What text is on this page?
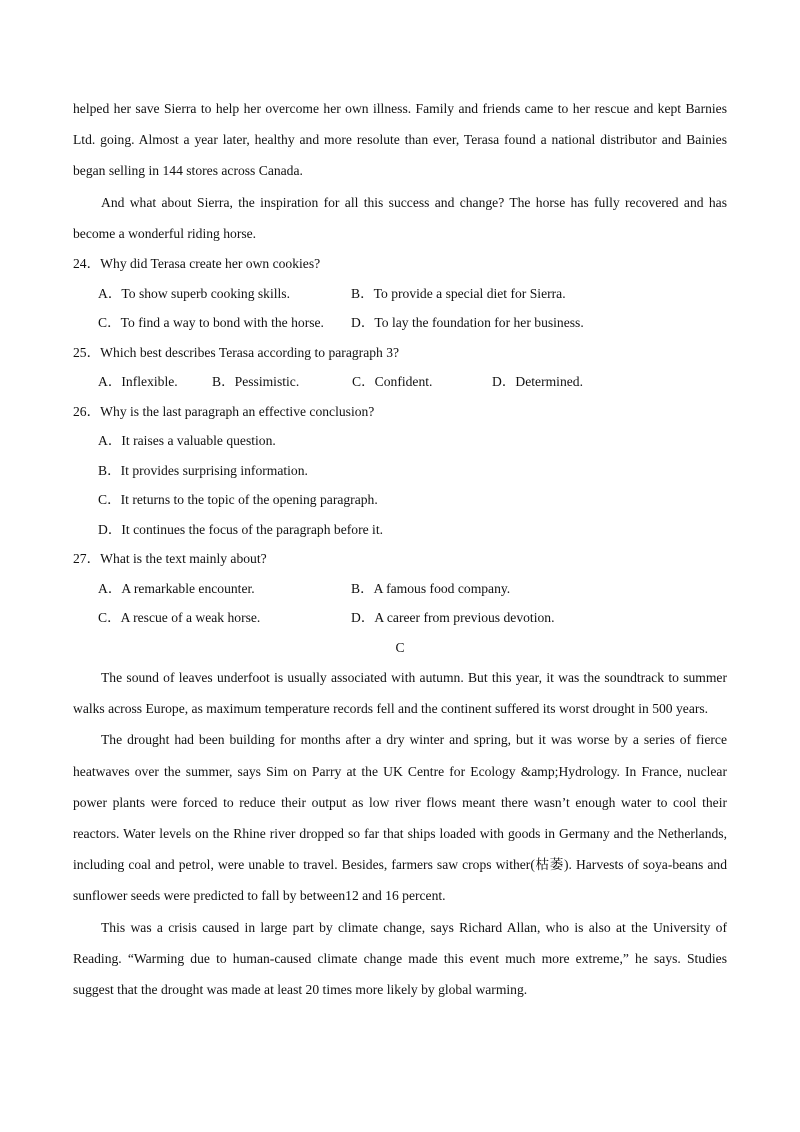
helped her save Sierra to help her overcome her own illness. Family and friends came to her rescue and kept Barnies Ltd. going. Almost a year later, healthy and more resolute than ever, Terasa found a national distributor and Bainies began selling in 144 stores across Canada.

And what about Sierra, the inspiration for all this success and change? The horse has fully recovered and has become a wonderful riding horse.

24．Why did Terasa create her own cookies?

A．To show superb cooking skills.	B．To provide a special diet for Sierra.
C．To find a way to bond with the horse.	D．To lay the foundation for her business.

25．Which best describes Terasa according to paragraph 3?

A．Inflexible.	B．Pessimistic.	C．Confident.	D．Determined.

26．Why is the last paragraph an effective conclusion?

A．It raises a valuable question.
B．It provides surprising information.
C．It returns to the topic of the opening paragraph.
D．It continues the focus of the paragraph before it.

27．What is the text mainly about?

A．A remarkable encounter.	B．A famous food company.
C．A rescue of a weak horse.	D．A career from previous devotion.

C

The sound of leaves underfoot is usually associated with autumn. But this year, it was the soundtrack to summer walks across Europe, as maximum temperature records fell and the continent suffered its worst drought in 500 years.

The drought had been building for months after a dry winter and spring, but it was worse by a series of fierce heatwaves over the summer, says Sim on Parry at the UK Centre for Ecology &amp;Hydrology. In France, nuclear power plants were forced to reduce their output as low river flows meant there wasn’t enough water to cool their reactors. Water levels on the Rhine river dropped so far that ships loaded with goods in Germany and the Netherlands, including coal and petrol, were unable to travel. Besides, farmers saw crops wither(枯萎). Harvests of soya-beans and sunflower seeds were predicted to fall by between12 and 16 percent.

This was a crisis caused in large part by climate change, says Richard Allan, who is also at the University of Reading. “Warming due to human-caused climate change made this event much more extreme,” he says. Studies suggest that the drought was made at least 20 times more likely by global warming.
